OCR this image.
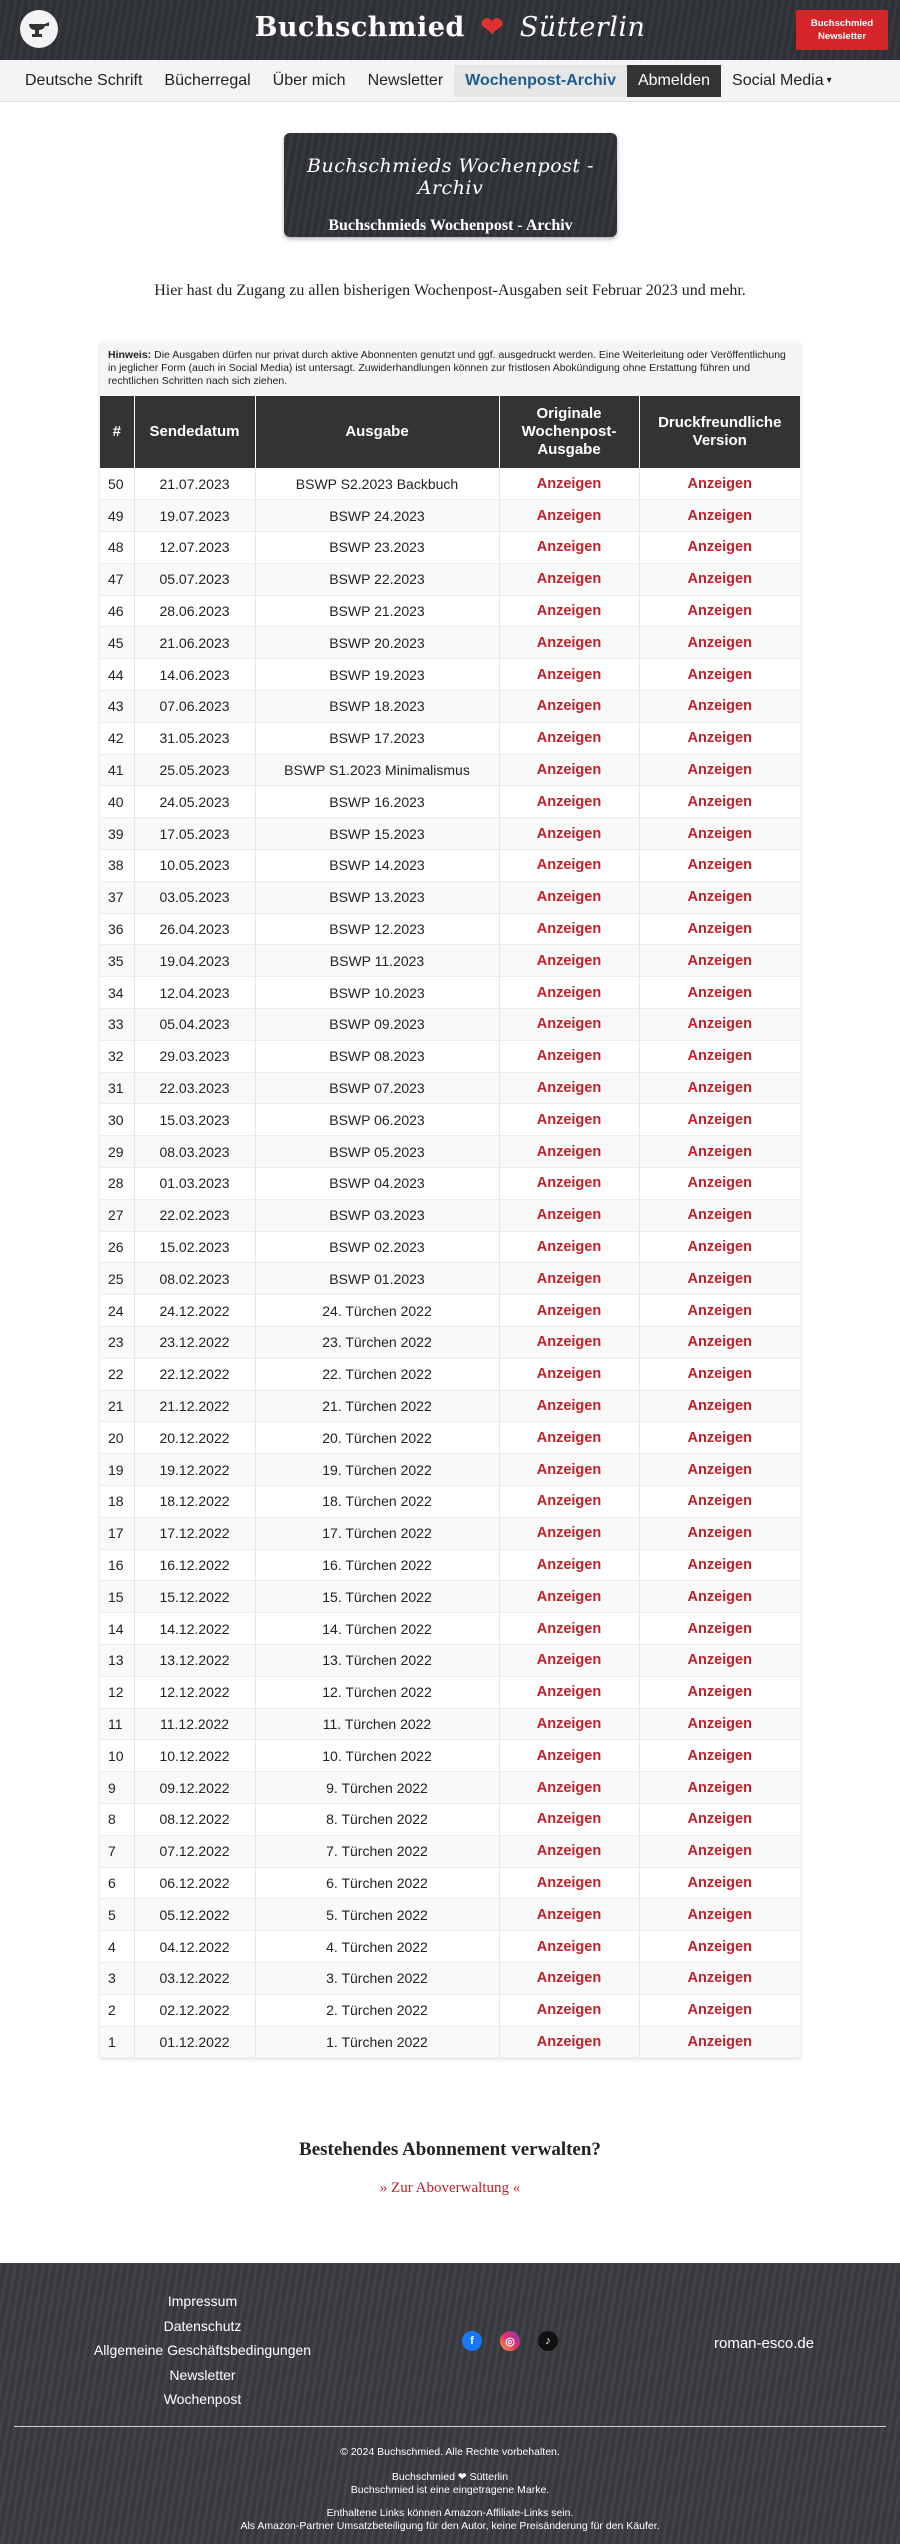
Buchschmied ❤ Sütterlin	Buchschmied
Newsletter
Deutsche Schrift	Bücherregal	Über mich	Newsletter	Wochenpost-Archiv	Abmelden	Social Media ▾
Buchschmieds Wochenpost - Archiv
Buchschmieds Wochenpost - Archiv
Hier hast du Zugang zu allen bisherigen Wochenpost-Ausgaben seit Februar 2023 und mehr.
Hinweis: Die Ausgaben dürfen nur privat durch aktive Abonnenten genutzt und ggf. ausgedruckt werden. Eine Weiterleitung oder Veröffentlichung in jeglicher Form (auch in Social Media) ist untersagt. Zuwiderhandlungen können zur fristlosen Abokündigung ohne Erstattung führen und rechtlichen Schritten nach sich ziehen.
#	Sendedatum	Ausgabe	Originale Wochenpost-Ausgabe	Druckfreundliche Version
50	21.07.2023	BSWP S2.2023 Backbuch	Anzeigen	Anzeigen
49	19.07.2023	BSWP 24.2023	Anzeigen	Anzeigen
48	12.07.2023	BSWP 23.2023	Anzeigen	Anzeigen
47	05.07.2023	BSWP 22.2023	Anzeigen	Anzeigen
46	28.06.2023	BSWP 21.2023	Anzeigen	Anzeigen
45	21.06.2023	BSWP 20.2023	Anzeigen	Anzeigen
44	14.06.2023	BSWP 19.2023	Anzeigen	Anzeigen
43	07.06.2023	BSWP 18.2023	Anzeigen	Anzeigen
42	31.05.2023	BSWP 17.2023	Anzeigen	Anzeigen
41	25.05.2023	BSWP S1.2023 Minimalismus	Anzeigen	Anzeigen
40	24.05.2023	BSWP 16.2023	Anzeigen	Anzeigen
39	17.05.2023	BSWP 15.2023	Anzeigen	Anzeigen
38	10.05.2023	BSWP 14.2023	Anzeigen	Anzeigen
37	03.05.2023	BSWP 13.2023	Anzeigen	Anzeigen
36	26.04.2023	BSWP 12.2023	Anzeigen	Anzeigen
35	19.04.2023	BSWP 11.2023	Anzeigen	Anzeigen
34	12.04.2023	BSWP 10.2023	Anzeigen	Anzeigen
33	05.04.2023	BSWP 09.2023	Anzeigen	Anzeigen
32	29.03.2023	BSWP 08.2023	Anzeigen	Anzeigen
31	22.03.2023	BSWP 07.2023	Anzeigen	Anzeigen
30	15.03.2023	BSWP 06.2023	Anzeigen	Anzeigen
29	08.03.2023	BSWP 05.2023	Anzeigen	Anzeigen
28	01.03.2023	BSWP 04.2023	Anzeigen	Anzeigen
27	22.02.2023	BSWP 03.2023	Anzeigen	Anzeigen
26	15.02.2023	BSWP 02.2023	Anzeigen	Anzeigen
25	08.02.2023	BSWP 01.2023	Anzeigen	Anzeigen
24	24.12.2022	24. Türchen 2022	Anzeigen	Anzeigen
23	23.12.2022	23. Türchen 2022	Anzeigen	Anzeigen
22	22.12.2022	22. Türchen 2022	Anzeigen	Anzeigen
21	21.12.2022	21. Türchen 2022	Anzeigen	Anzeigen
20	20.12.2022	20. Türchen 2022	Anzeigen	Anzeigen
19	19.12.2022	19. Türchen 2022	Anzeigen	Anzeigen
18	18.12.2022	18. Türchen 2022	Anzeigen	Anzeigen
17	17.12.2022	17. Türchen 2022	Anzeigen	Anzeigen
16	16.12.2022	16. Türchen 2022	Anzeigen	Anzeigen
15	15.12.2022	15. Türchen 2022	Anzeigen	Anzeigen
14	14.12.2022	14. Türchen 2022	Anzeigen	Anzeigen
13	13.12.2022	13. Türchen 2022	Anzeigen	Anzeigen
12	12.12.2022	12. Türchen 2022	Anzeigen	Anzeigen
11	11.12.2022	11. Türchen 2022	Anzeigen	Anzeigen
10	10.12.2022	10. Türchen 2022	Anzeigen	Anzeigen
9	09.12.2022	9. Türchen 2022	Anzeigen	Anzeigen
8	08.12.2022	8. Türchen 2022	Anzeigen	Anzeigen
7	07.12.2022	7. Türchen 2022	Anzeigen	Anzeigen
6	06.12.2022	6. Türchen 2022	Anzeigen	Anzeigen
5	05.12.2022	5. Türchen 2022	Anzeigen	Anzeigen
4	04.12.2022	4. Türchen 2022	Anzeigen	Anzeigen
3	03.12.2022	3. Türchen 2022	Anzeigen	Anzeigen
2	02.12.2022	2. Türchen 2022	Anzeigen	Anzeigen
1	01.12.2022	1. Türchen 2022	Anzeigen	Anzeigen
Bestehendes Abonnement verwalten?
» Zur Aboverwaltung «
Impressum
Datenschutz
Allgemeine Geschäftsbedingungen
Newsletter
Wochenpost
f	◎	♪	roman-esco.de
© 2024 Buchschmied. Alle Rechte vorbehalten.
Buchschmied ❤ Sütterlin
Buchschmied ist eine eingetragene Marke.
Enthaltene Links können Amazon-Affiliate-Links sein.
Als Amazon-Partner Umsatzbeteiligung für den Autor, keine Preisänderung für den Käufer.
